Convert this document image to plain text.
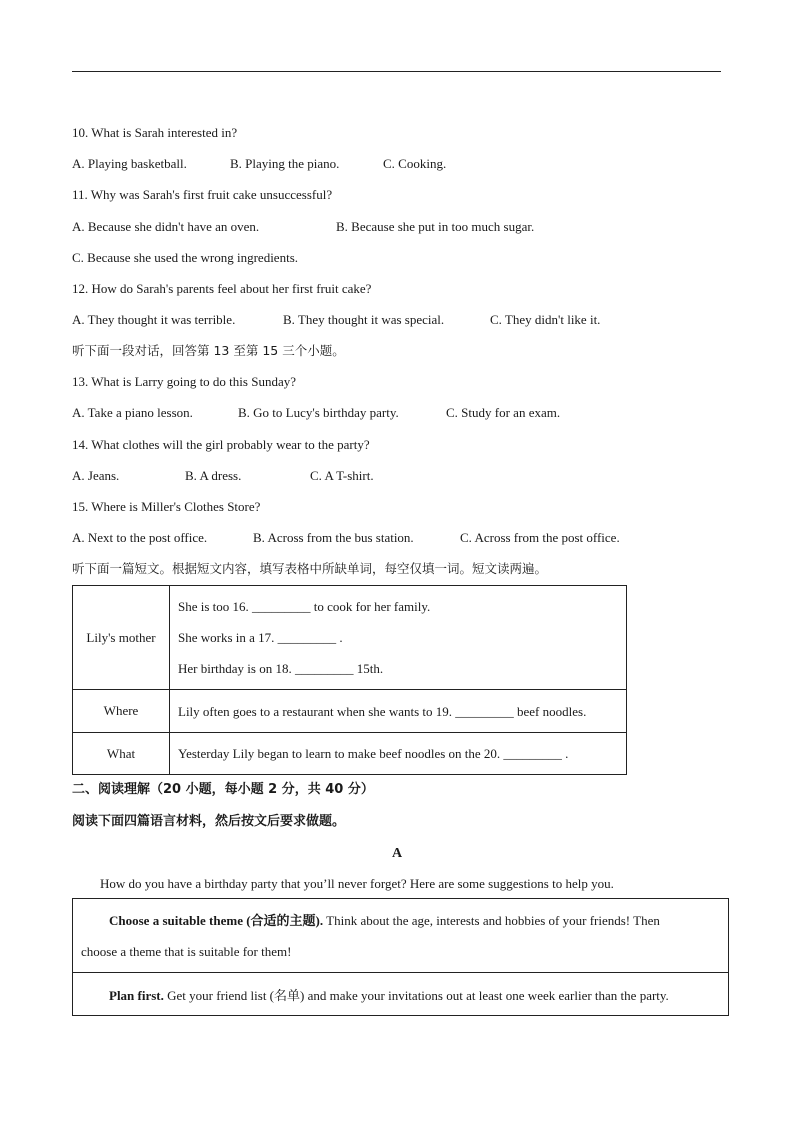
10. What is Sarah interested in?
A. Playing basketball.	B. Playing the piano.	C. Cooking.
11. Why was Sarah's first fruit cake unsuccessful?
A. Because she didn't have an oven.	B. Because she put in too much sugar.
C. Because she used the wrong ingredients.
12. How do Sarah's parents feel about her first fruit cake?
A. They thought it was terrible.	B. They thought it was special.	C. They didn't like it.
听下面一段对话，回答第 13 至第 15 三个小题。
13. What is Larry going to do this Sunday?
A. Take a piano lesson.	B. Go to Lucy's birthday party.	C. Study for an exam.
14. What clothes will the girl probably wear to the party?
A. Jeans.	B. A dress.	C. A T-shirt.
15. Where is Miller's Clothes Store?
A. Next to the post office.	B. Across from the bus station.	C. Across from the post office.
听下面一篇短文。根据短文内容，填写表格中所缺单词，每空仅填一词。短文读两遍。
Lily's mother	She is too 16. _________ to cook for her family.
She works in a 17. _________ .
Her birthday is on 18. _________ 15th.

Where	Lily often goes to a restaurant when she wants to 19. _________ beef noodles.

What	Yesterday Lily began to learn to make beef noodles on the 20. _________ .
二、阅读理解（20 小题，每小题 2 分，共 40 分）
阅读下面四篇语言材料，然后按文后要求做题。
A
How do you have a birthday party that you’ll never forget? Here are some suggestions to help you.
Choose a suitable theme (合适的主题). Think about the age, interests and hobbies of your friends! Then
choose a theme that is suitable for them!

Plan first. Get your friend list (名单) and make your invitations out at least one week earlier than the party.
